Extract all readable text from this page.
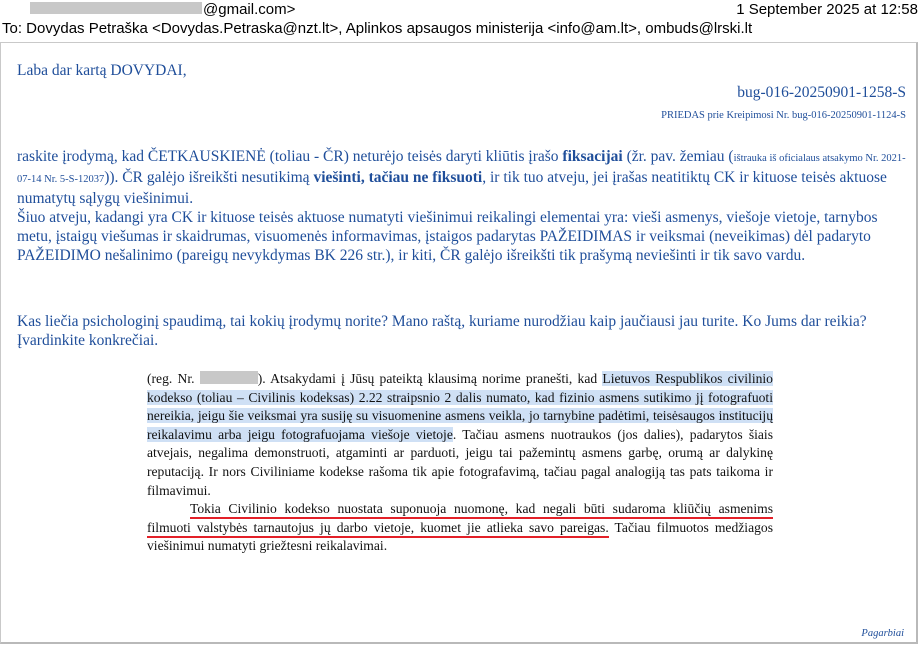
@gmail.com>	1 September 2025 at 12:58
To: Dovydas Petraška <Dovydas.Petraska@nzt.lt>, Aplinkos apsaugos ministerija <info@am.lt>, ombuds@lrski.lt
Laba dar kartą DOVYDAI,
bug-016-20250901-1258-S
PRIEDAS prie Kreipimosi Nr. bug-016-20250901-1124-S
raskite įrodymą, kad ČETKAUSKIENĖ (toliau - ČR) neturėjo teisės daryti kliūtis įrašo fiksacijai (žr. pav. žemiau (ištrauka iš oficialaus atsakymo Nr. 2021-07-14 Nr. 5-S-12037)). ČR galėjo išreikšti nesutikimą viešinti, tačiau ne fiksuoti, ir tik tuo atveju, jei įrašas neatitiktų CK ir kituose teisės aktuose numatytų sąlygų viešinimui.
Šiuo atveju, kadangi yra CK ir kituose teisės aktuose numatyti viešinimui reikalingi elementai yra: vieši asmenys, viešoje vietoje, tarnybos metu, įstaigų viešumas ir skaidrumas, visuomenės informavimas, įstaigos padarytas PAŽEIDIMAS ir veiksmai (neveikimas) dėl padaryto PAŽEIDIMO nešalinimo (pareigų nevykdymas BK 226 str.), ir kiti, ČR galėjo išreikšti tik prašymą neviešinti ir tik savo vardu.
Kas liečia psichologinį spaudimą, tai kokių įrodymų norite? Mano raštą, kuriame nurodžiau kaip jaučiausi jau turite. Ko Jums dar reikia? Įvardinkite konkrečiai.

(reg. Nr.	). Atsakydami į Jūsų pateiktą klausimą norime pranešti, kad Lietuvos Respublikos civilinio kodekso (toliau – Civilinis kodeksas) 2.22 straipsnio 2 dalis numato, kad fizinio asmens sutikimo jį fotografuoti nereikia, jeigu šie veiksmai yra susiję su visuomenine asmens veikla, jo tarnybine padėtimi, teisėsaugos institucijų reikalavimu arba jeigu fotografuojama viešoje vietoje. Tačiau asmens nuotraukos (jos dalies), padarytos šiais atvejais, negalima demonstruoti, atgaminti ar parduoti, jeigu tai pažemintų asmens garbę, orumą ar dalykinę reputaciją. Ir nors Civiliniame kodekse rašoma tik apie fotografavimą, tačiau pagal analogiją tas pats taikoma ir filmavimui.

Tokia Civilinio kodekso nuostata suponuoja nuomonę, kad negali būti sudaroma kliūčių asmenims filmuoti valstybės tarnautojus jų darbo vietoje, kuomet jie atlieka savo pareigas. Tačiau filmuotos medžiagos viešinimui numatyti griežtesni reikalavimai.

Pagarbiai
